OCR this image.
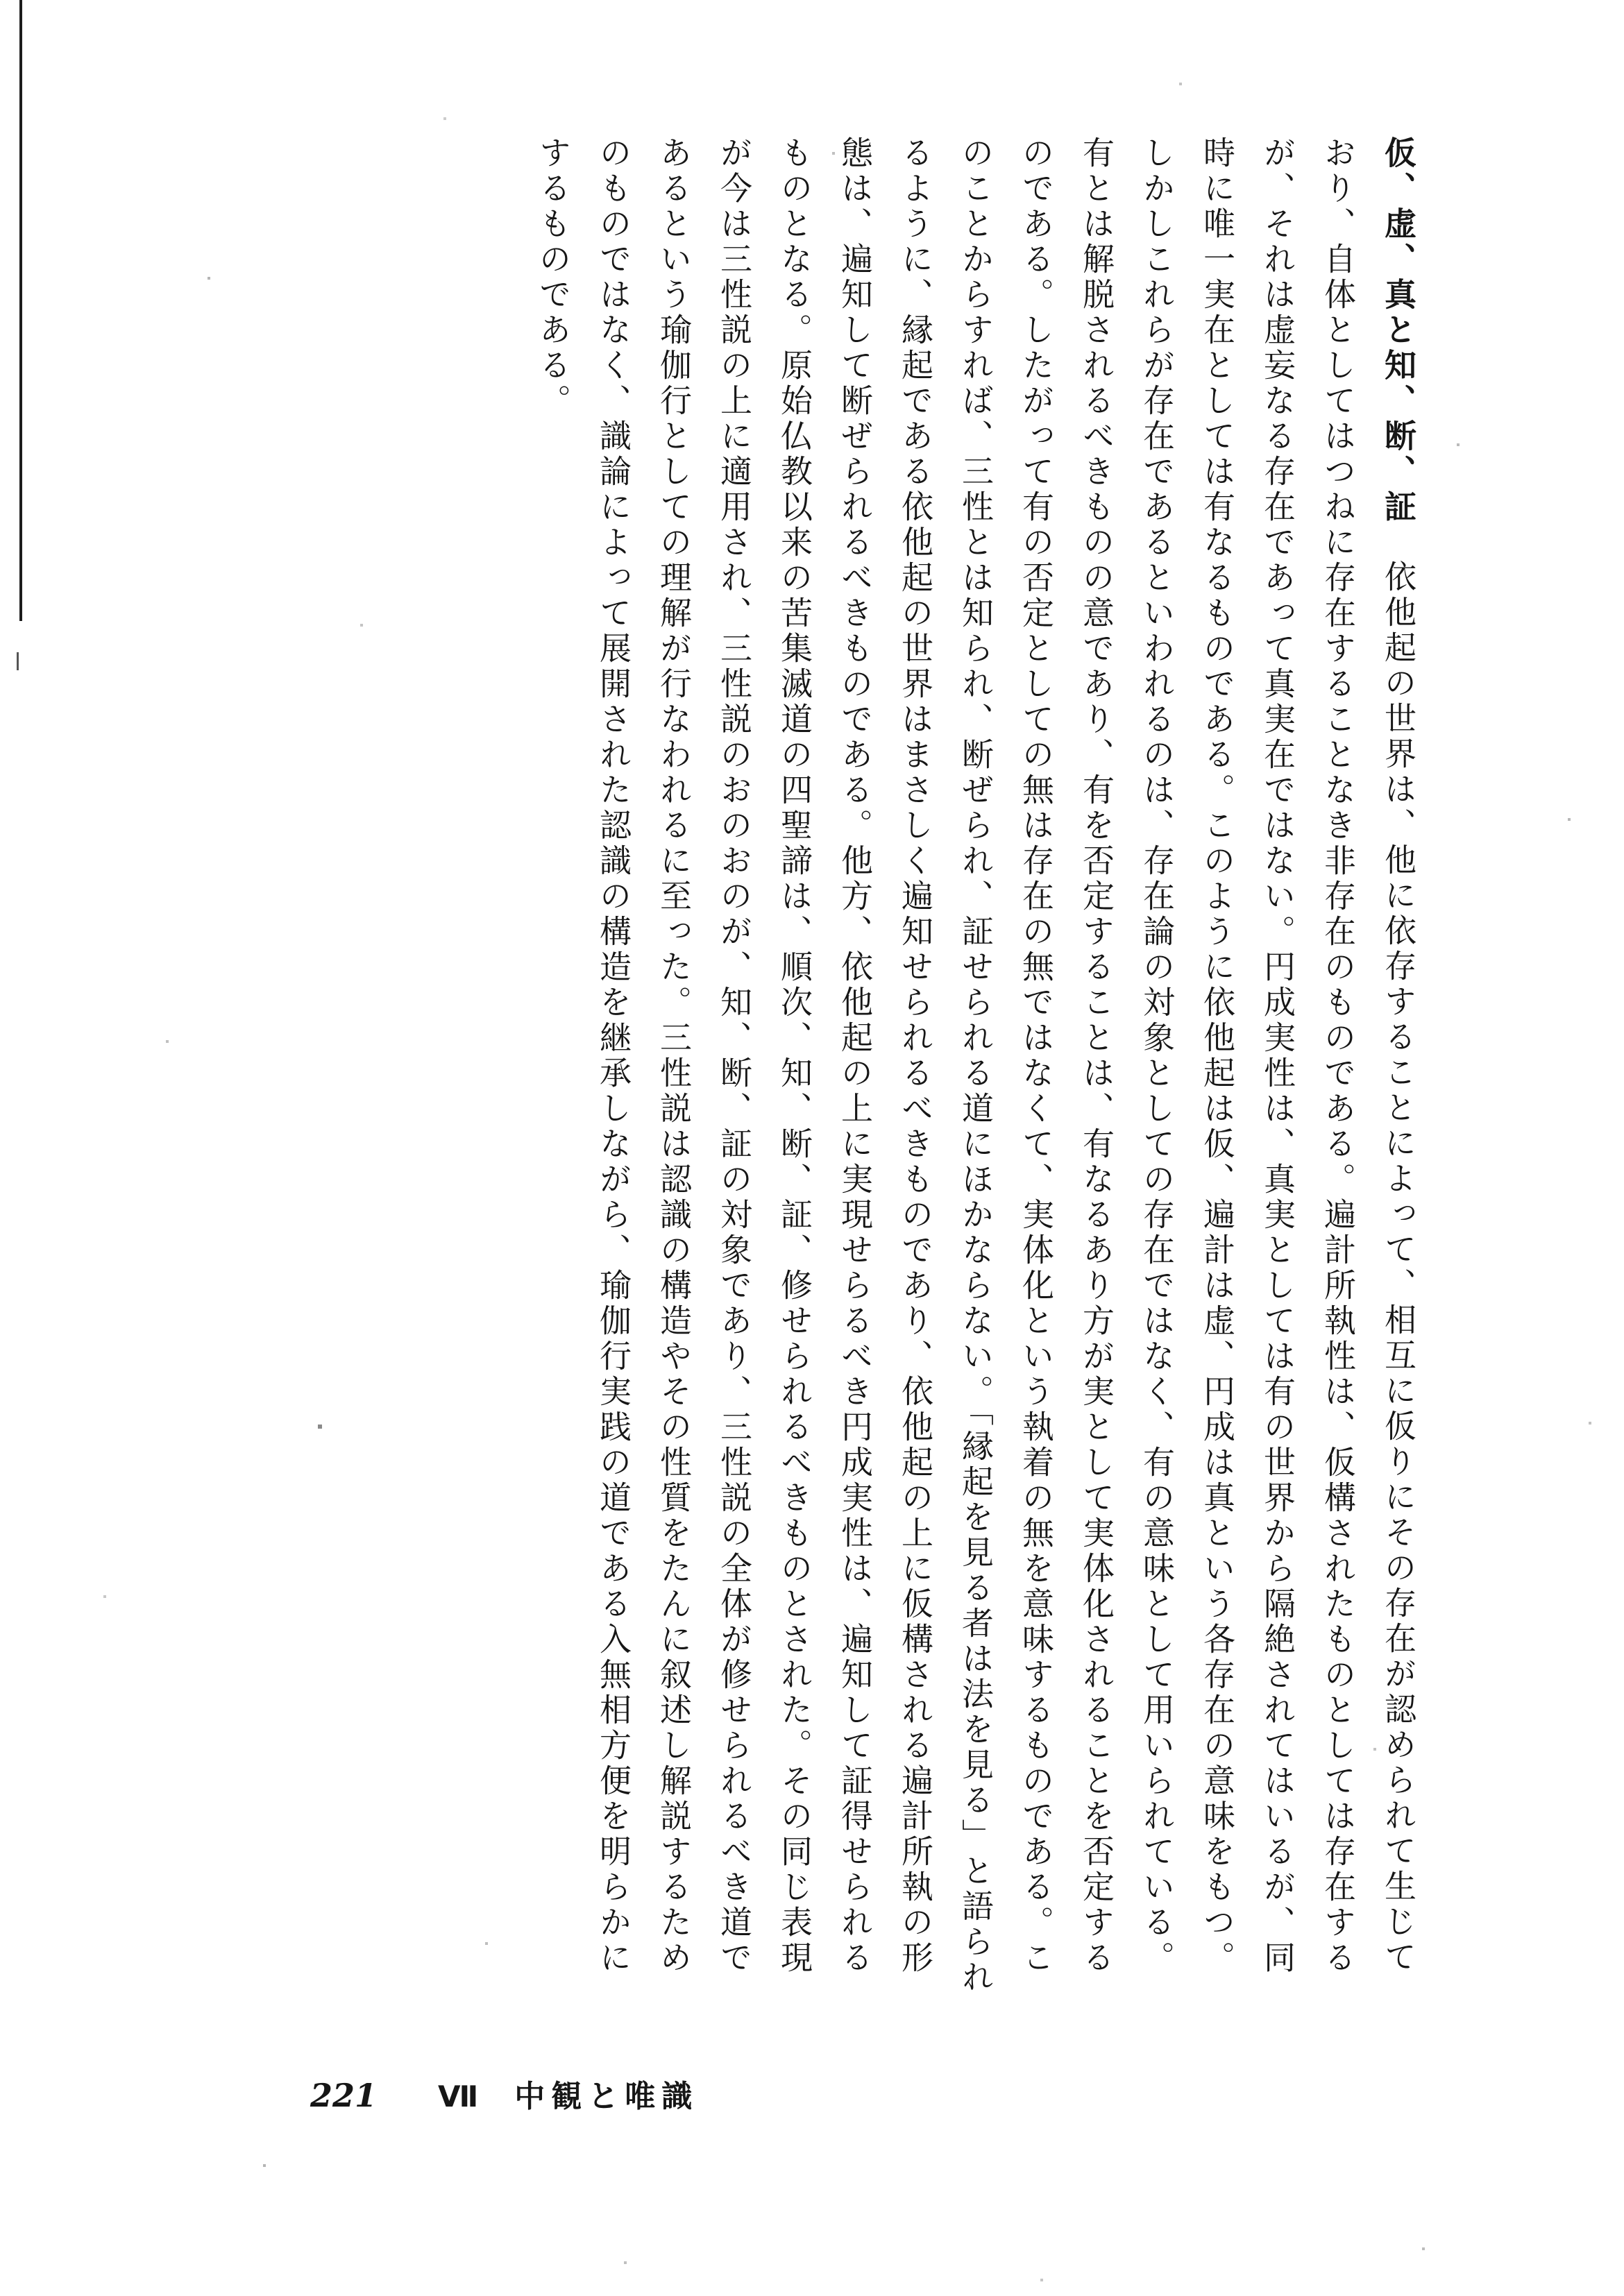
仮、虚、真と知、断、証依他起の世界は、他に依存することによって、相互に仮りにその存在が認められて生じており、自体としてはつねに存在することなき非存在のものである。遍計所執性は、仮構されたものとしては存在するが、それは虚妄なる存在であって真実在ではない。円成実性は、真実としては有の世界から隔絶されてはいるが、同時に唯一実在としては有なるものである。このように依他起は仮、遍計は虚、円成は真という各存在の意味をもつ。しかしこれらが存在であるといわれるのは、存在論の対象としての存在ではなく、有の意味として用いられている。有とは解脱されるべきものの意であり、有を否定することは、有なるあり方が実として実体化されることを否定するのである。したがって有の否定としての無は存在の無ではなくて、実体化という執着の無を意味するものである。このことからすれば、三性とは知られ、断ぜられ、証せられる道にほかならない。「縁起を見る者は法を見る」と語られるように、縁起である依他起の世界はまさしく遍知せられるべきものであり、依他起の上に仮構される遍計所執の形態は、遍知して断ぜられるべきものである。他方、依他起の上に実現せらるべき円成実性は、遍知して証得せられるものとなる。原始仏教以来の苦集滅道の四聖諦は、順次、知、断、証、修せられるべきものとされた。その同じ表現が今は三性説の上に適用され、三性説のおのおのが、知、断、証の対象であり、三性説の全体が修せられるべき道であるという瑜伽行としての理解が行なわれるに至った。三性説は認識の構造やその性質をたんに叙述し解説するためのものではなく、識論によって展開された認識の構造を継承しながら、瑜伽行実践の道である入無相方便を明らかにするものである。
221 Ⅶ 中観と唯識
